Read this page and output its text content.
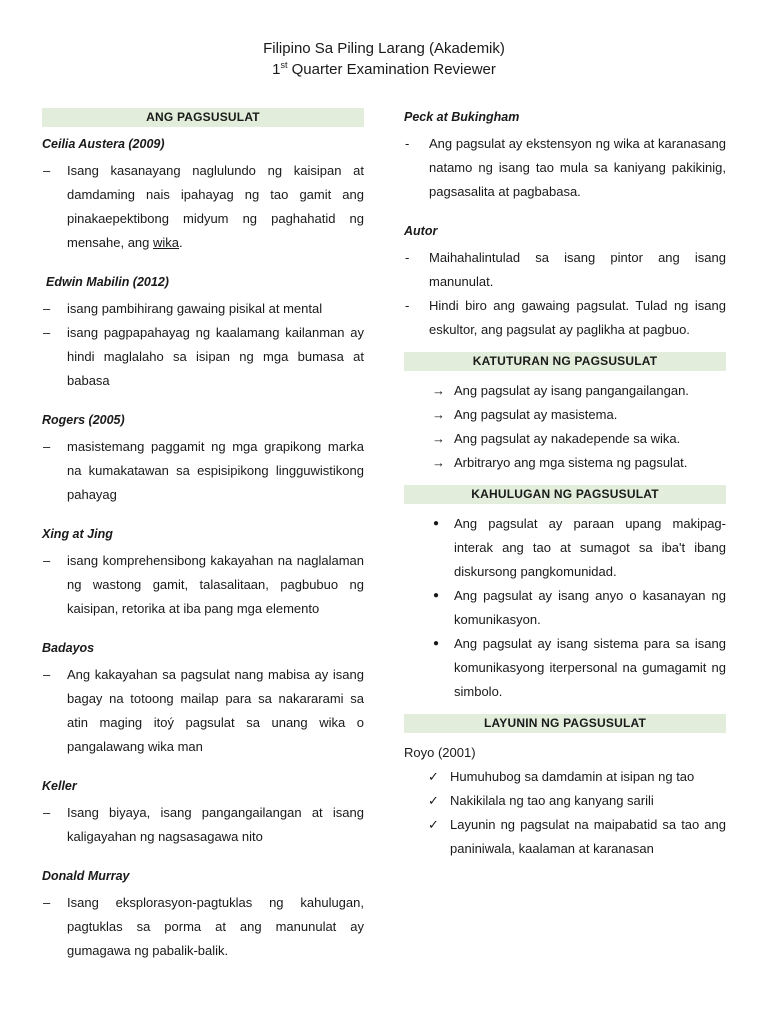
Filipino Sa Piling Larang (Akademik)
1st Quarter Examination Reviewer
ANG PAGSUSULAT
Ceilia Austera (2009)
–	Isang kasanayang naglulundo ng kaisipan at damdaming nais ipahayag ng tao gamit ang pinakaepektibong midyum ng paghahatid ng mensahe, ang wika.
Edwin Mabilin (2012)
–	isang pambihirang gawaing pisikal at mental
–	isang pagpapahayag ng kaalamang kailanman ay hindi maglalaho sa isipan ng mga bumasa at babasa
Rogers (2005)
–	masistemang paggamit ng mga grapikong marka na kumakatawan sa espisipikong lingguwistikong pahayag
Xing at Jing
–	isang komprehensibong kakayahan na naglalaman ng wastong gamit, talasalitaan, pagbubuo ng kaisipan, retorika at iba pang mga elemento
Badayos
–	Ang kakayahan sa pagsulat nang mabisa ay isang bagay na totoong mailap para sa nakararami sa atin maging itoý pagsulat sa unang wika o pangalawang wika man
Keller
–	Isang biyaya, isang pangangailangan at isang kaligayahan ng nagsasagawa nito
Donald Murray
–	Isang eksplorasyon-pagtuklas ng kahulugan, pagtuklas sa porma at ang manunulat ay gumagawa ng pabalik-balik.
Peck at Bukingham
-	Ang pagsulat ay ekstensyon ng wika at karanasang natamo ng isang tao mula sa kaniyang pakikinig, pagsasalita at pagbabasa.
Autor
-	Maihahalintulad sa isang pintor ang isang manunulat.
-	Hindi biro ang gawaing pagsulat. Tulad ng isang eskultor, ang pagsulat ay paglikha at pagbuo.
KATUTURAN NG PAGSUSULAT
→ Ang pagsulat ay isang pangangailangan.
→ Ang pagsulat ay masistema.
→ Ang pagsulat ay nakadepende sa wika.
→ Arbitraryo ang mga sistema ng pagsulat.
KAHULUGAN NG PAGSUSULAT
●	Ang pagsulat ay paraan upang makipag-interak ang tao at sumagot sa iba't ibang diskursong pangkomunidad.
●	Ang pagsulat ay isang anyo o kasanayan ng komunikasyon.
●	Ang pagsulat ay isang sistema para sa isang komunikasyong iterpersonal na gumagamit ng simbolo.
LAYUNIN NG PAGSUSULAT
Royo (2001)
✓ Humuhubog sa damdamin at isipan ng tao
✓ Nakikilala ng tao ang kanyang sarili
✓ Layunin ng pagsulat na maipabatid sa tao ang paniniwala, kaalaman at karanasan
